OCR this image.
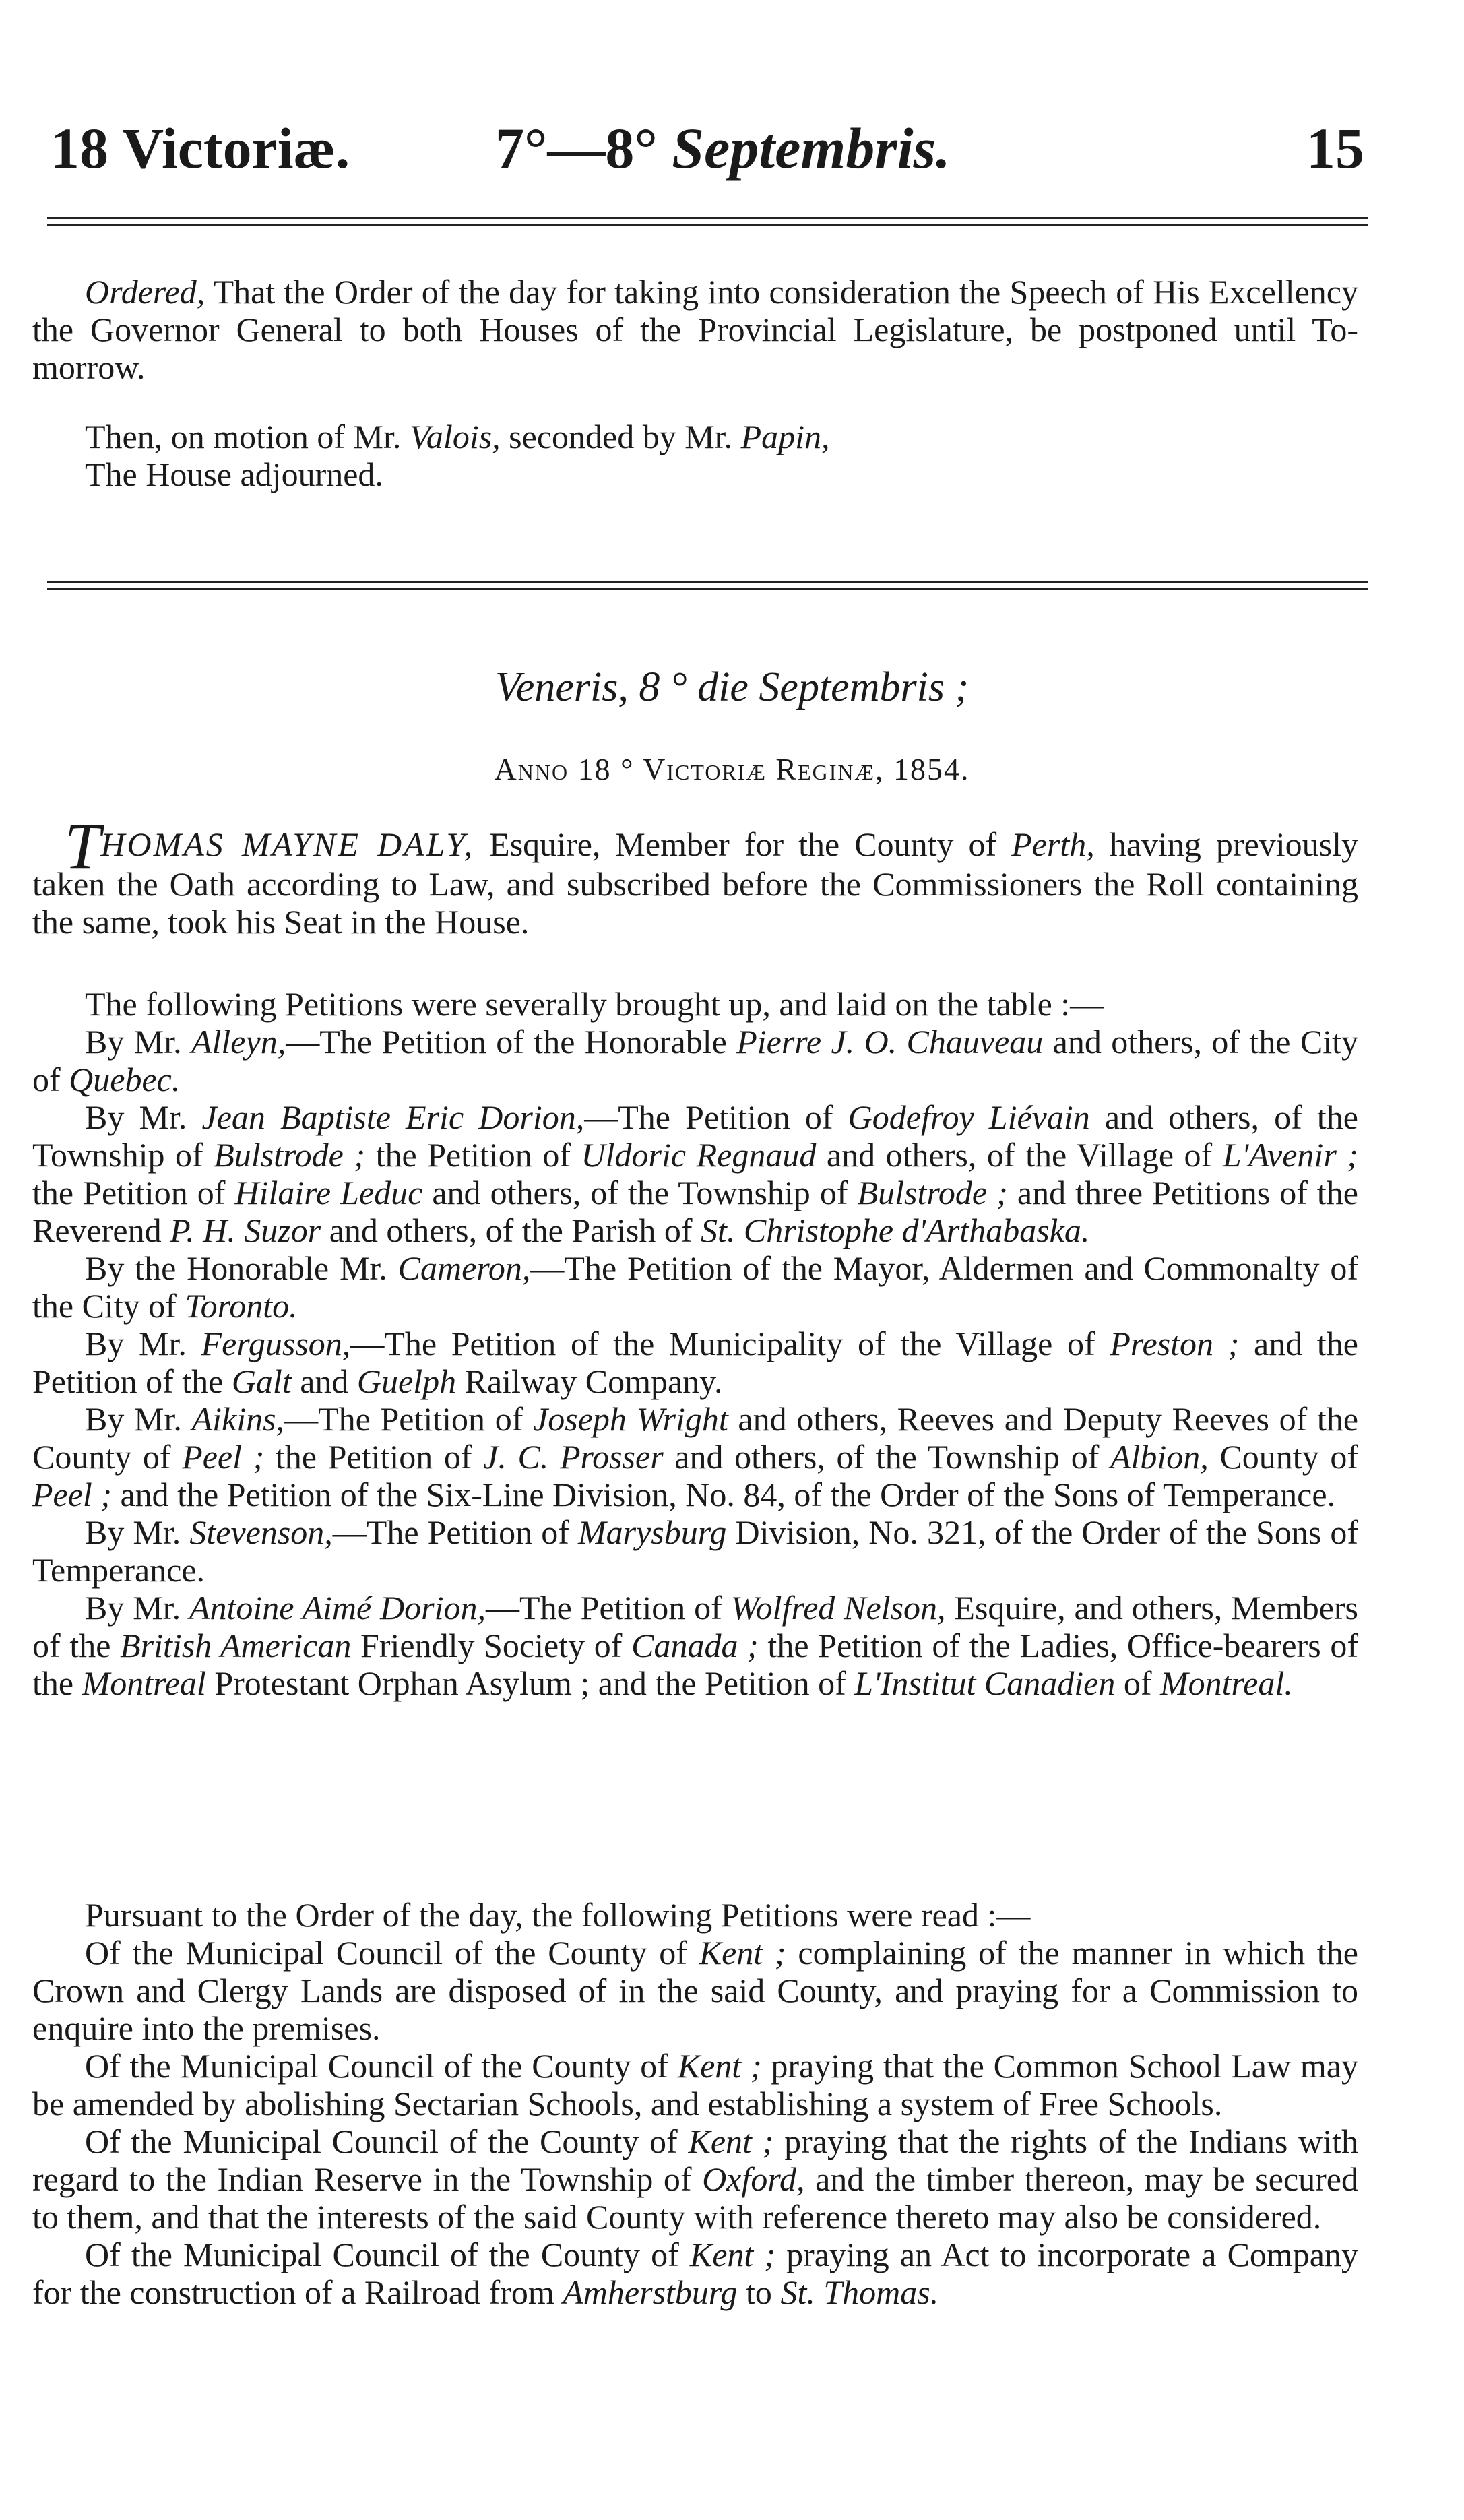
18 Victoriæ.	7°—8° Septembris.	15

Ordered, That the Order of the day for taking into consideration the Speech of His Excellency the Governor General to both Houses of the Provincial Legislature, be postponed until To-morrow.

Then, on motion of Mr. Valois, seconded by Mr. Papin,

The House adjourned.

Veneris, 8 ° die Septembris ;
Anno 18 ° Victoriæ Reginæ, 1854.

THOMAS MAYNE DALY, Esquire, Member for the County of Perth, having previously taken the Oath according to Law, and subscribed before the Commissioners the Roll containing the same, took his Seat in the House.

The following Petitions were severally brought up, and laid on the table :—

By Mr. Alleyn,—The Petition of the Honorable Pierre J. O. Chauveau and others, of the City of Quebec.

By Mr. Jean Baptiste Eric Dorion,—The Petition of Godefroy Liévain and others, of the Township of Bulstrode ; the Petition of Uldoric Regnaud and others, of the Village of L'Avenir ; the Petition of Hilaire Leduc and others, of the Township of Bulstrode ; and three Petitions of the Reverend P. H. Suzor and others, of the Parish of St. Christophe d'Arthabaska.

By the Honorable Mr. Cameron,—The Petition of the Mayor, Aldermen and Commonalty of the City of Toronto.

By Mr. Fergusson,—The Petition of the Municipality of the Village of Preston ; and the Petition of the Galt and Guelph Railway Company.

By Mr. Aikins,—The Petition of Joseph Wright and others, Reeves and Deputy Reeves of the County of Peel ; the Petition of J. C. Prosser and others, of the Township of Albion, County of Peel ; and the Petition of the Six-Line Division, No. 84, of the Order of the Sons of Temperance.

By Mr. Stevenson,—The Petition of Marysburg Division, No. 321, of the Order of the Sons of Temperance.

By Mr. Antoine Aimé Dorion,—The Petition of Wolfred Nelson, Esquire, and others, Members of the British American Friendly Society of Canada ; the Petition of the Ladies, Office-bearers of the Montreal Protestant Orphan Asylum ; and the Petition of L'Institut Canadien of Montreal.

Pursuant to the Order of the day, the following Petitions were read :—

Of the Municipal Council of the County of Kent ; complaining of the manner in which the Crown and Clergy Lands are disposed of in the said County, and praying for a Commission to enquire into the premises.

Of the Municipal Council of the County of Kent ; praying that the Common School Law may be amended by abolishing Sectarian Schools, and establishing a system of Free Schools.

Of the Municipal Council of the County of Kent ; praying that the rights of the Indians with regard to the Indian Reserve in the Township of Oxford, and the timber thereon, may be secured to them, and that the interests of the said County with reference thereto may also be considered.

Of the Municipal Council of the County of Kent ; praying an Act to incorporate a Company for the construction of a Railroad from Amherstburg to St. Thomas.
